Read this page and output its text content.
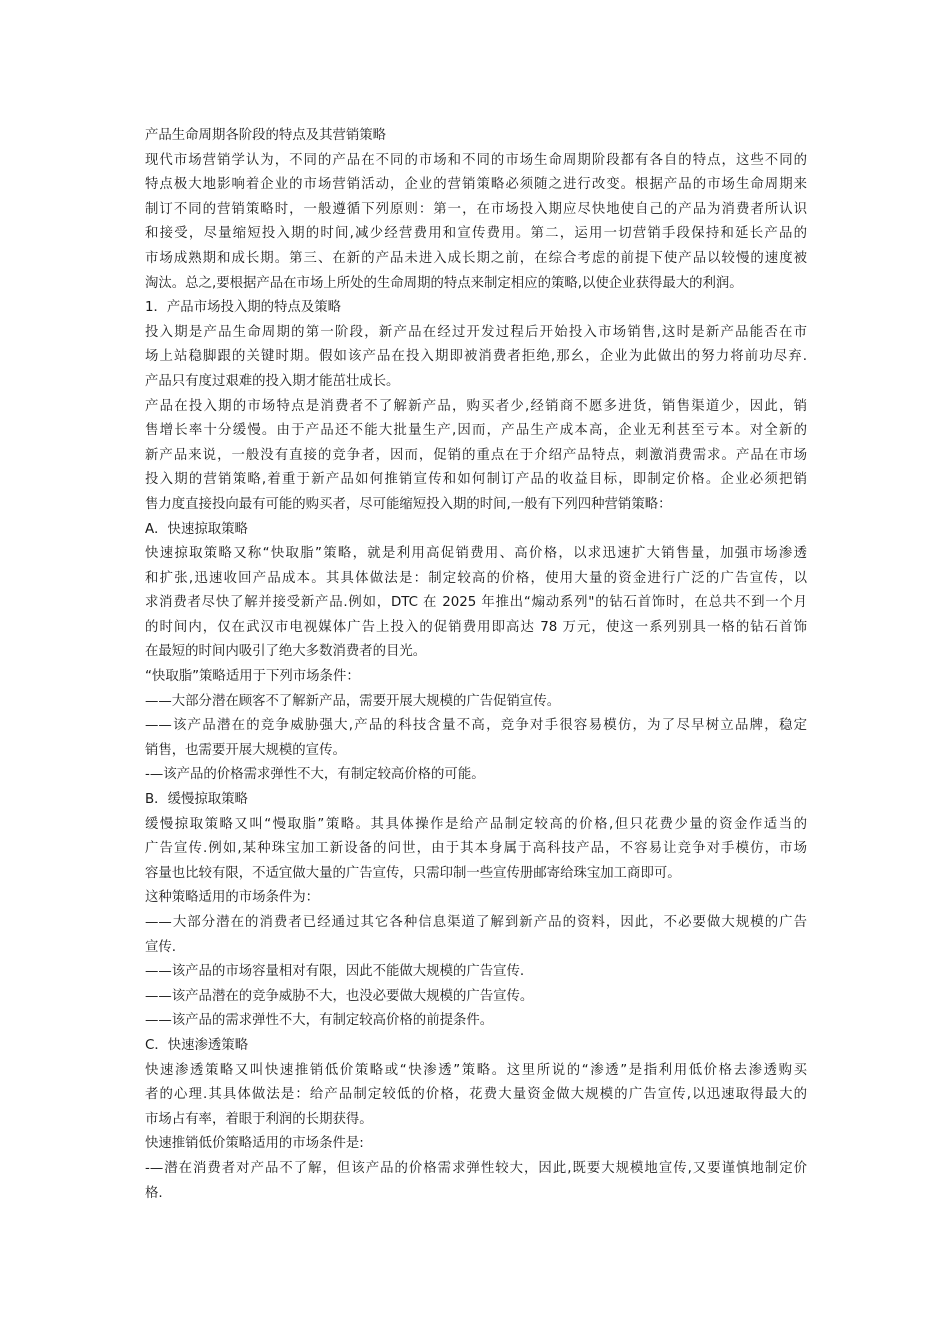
产品生命周期各阶段的特点及其营销策略
现代市场营销学认为，不同的产品在不同的市场和不同的市场生命周期阶段都有各自的特点，这些不同的
特点极大地影响着企业的市场营销活动，企业的营销策略必须随之进行改变。根据产品的市场生命周期来
制订不同的营销策略时，一般遵循下列原则：第一，在市场投入期应尽快地使自己的产品为消费者所认识
和接受，尽量缩短投入期的时间,减少经营费用和宣传费用。第二，运用一切营销手段保持和延长产品的
市场成熟期和成长期。第三、在新的产品未进入成长期之前，在综合考虑的前提下使产品以较慢的速度被
淘汰。总之,要根据产品在市场上所处的生命周期的特点来制定相应的策略,以使企业获得最大的利润。
1．产品市场投入期的特点及策略
投入期是产品生命周期的第一阶段，新产品在经过开发过程后开始投入市场销售,这时是新产品能否在市
场上站稳脚跟的关键时期。假如该产品在投入期即被消费者拒绝,那幺，企业为此做出的努力将前功尽弃.
产品只有度过艰难的投入期才能茁壮成长。
产品在投入期的市场特点是消费者不了解新产品，购买者少,经销商不愿多进货，销售渠道少，因此，销
售增长率十分缓慢。由于产品还不能大批量生产,因而，产品生产成本高，企业无利甚至亏本。对全新的
新产品来说，一般没有直接的竞争者，因而，促销的重点在于介绍产品特点，刺激消费需求。产品在市场
投入期的营销策略,着重于新产品如何推销宣传和如何制订产品的收益目标，即制定价格。企业必须把销
售力度直接投向最有可能的购买者，尽可能缩短投入期的时间,一般有下列四种营销策略：
A．快速掠取策略
快速掠取策略又称“快取脂”策略，就是利用高促销费用、高价格，以求迅速扩大销售量，加强市场渗透
和扩张,迅速收回产品成本。其具体做法是：制定较高的价格，使用大量的资金进行广泛的广告宣传，以
求消费者尽快了解并接受新产品.例如，DTC 在 2025 年推出“煽动系列"的钻石首饰时，在总共不到一个月
的时间内，仅在武汉市电视媒体广告上投入的促销费用即高达 78 万元，使这一系列别具一格的钻石首饰
在最短的时间内吸引了绝大多数消费者的目光。
“快取脂”策略适用于下列市场条件：
——大部分潜在顾客不了解新产品，需要开展大规模的广告促销宣传。
——该产品潜在的竞争威胁强大,产品的科技含量不高，竞争对手很容易模仿，为了尽早树立品牌，稳定
销售，也需要开展大规模的宣传。
-—该产品的价格需求弹性不大，有制定较高价格的可能。
B．缓慢掠取策略
缓慢掠取策略又叫“慢取脂”策略。其具体操作是给产品制定较高的价格,但只花费少量的资金作适当的
广告宣传.例如,某种珠宝加工新设备的问世，由于其本身属于高科技产品，不容易让竞争对手模仿，市场
容量也比较有限，不适宜做大量的广告宣传，只需印制一些宣传册邮寄给珠宝加工商即可。
这种策略适用的市场条件为：
——大部分潜在的消费者已经通过其它各种信息渠道了解到新产品的资料，因此，不必要做大规模的广告
宣传.
——该产品的市场容量相对有限，因此不能做大规模的广告宣传.
——该产品潜在的竞争威胁不大，也没必要做大规模的广告宣传。
——该产品的需求弹性不大，有制定较高价格的前提条件。
C．快速渗透策略
快速渗透策略又叫快速推销低价策略或“快渗透”策略。这里所说的“渗透”是指利用低价格去渗透购买
者的心理.其具体做法是：给产品制定较低的价格，花费大量资金做大规模的广告宣传,以迅速取得最大的
市场占有率，着眼于利润的长期获得。
快速推销低价策略适用的市场条件是:
-—潜在消费者对产品不了解，但该产品的价格需求弹性较大，因此,既要大规模地宣传,又要谨慎地制定价
格.
